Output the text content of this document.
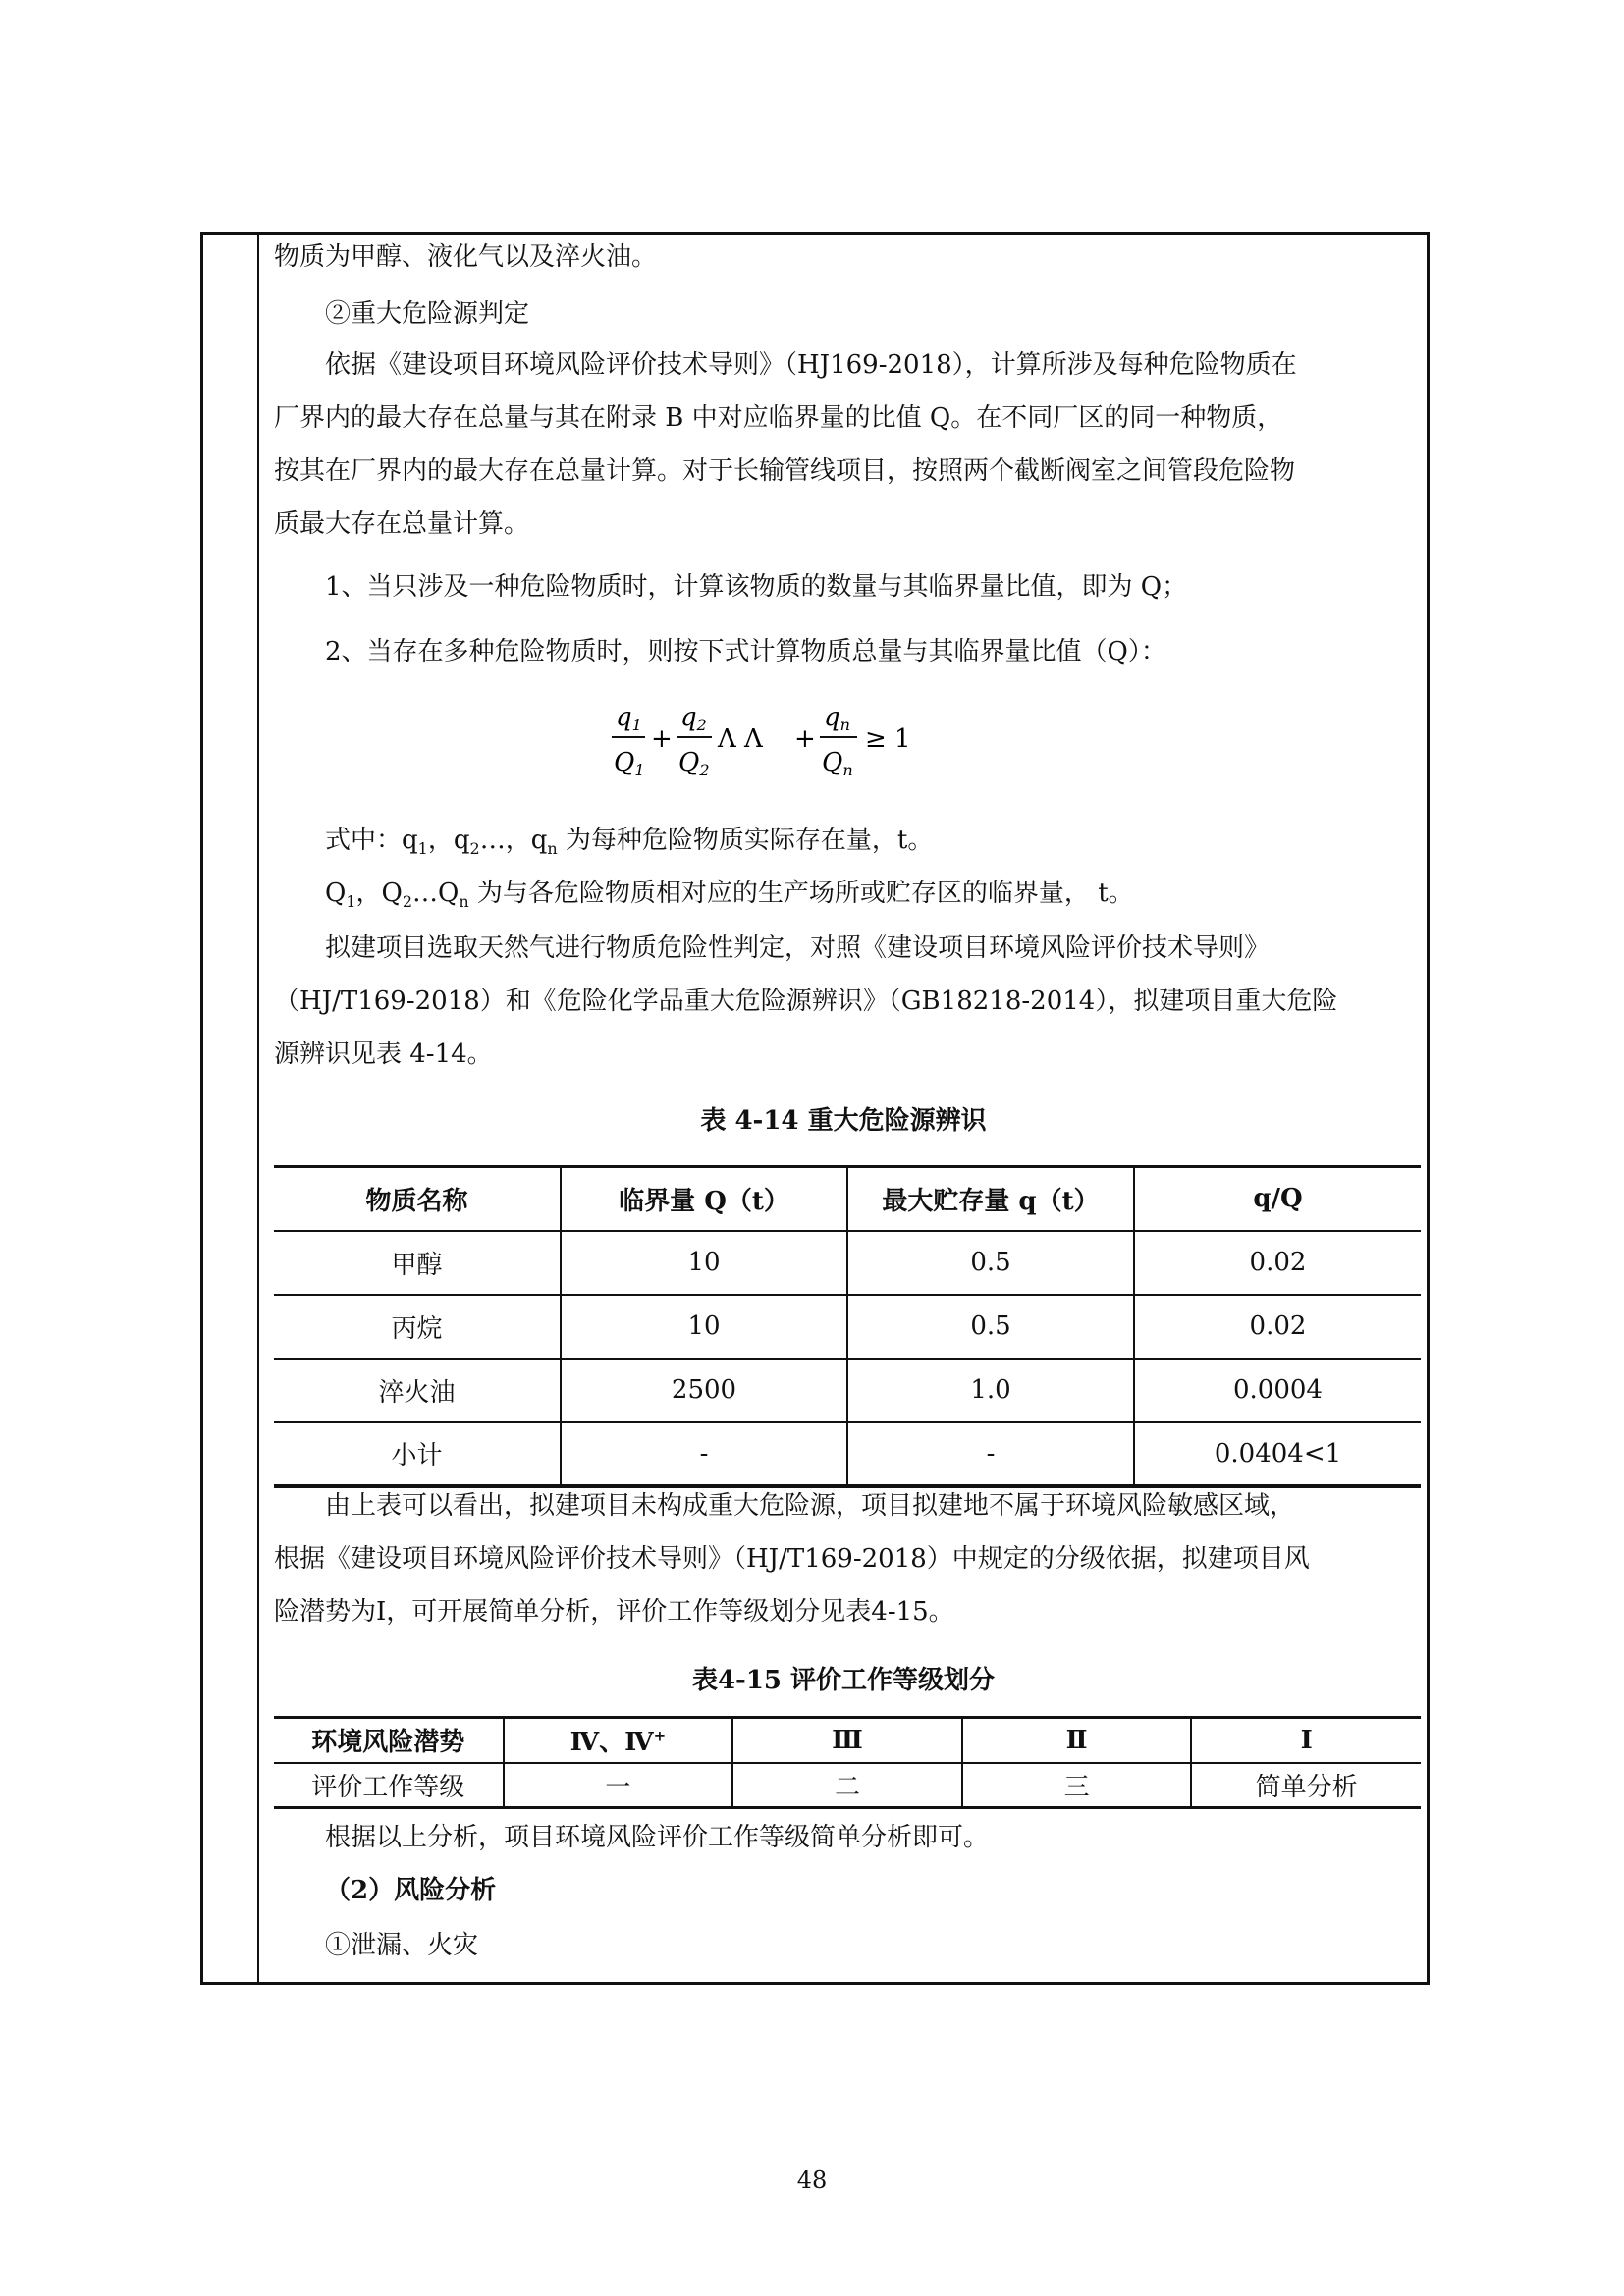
物质为甲醇、液化气以及淬火油。

②重大危险源判定

依据《建设项目环境风险评价技术导则》（HJ169-2018），计算所涉及每种危险物质在

厂界内的最大存在总量与其在附录 B 中对应临界量的比值 Q。在不同厂区的同一种物质，

按其在厂界内的最大存在总量计算。对于长输管线项目，按照两个截断阀室之间管段危险物

质最大存在总量计算。

1、当只涉及一种危险物质时，计算该物质的数量与其临界量比值，即为 Q；

2、当存在多种危险物质时，则按下式计算物质总量与其临界量比值（Q）：

q1
Q1
+
q2
Q2
Λ Λ +
qn
Qn
≥ 1

式中：$q_1$，$q_2\dots$，$q_n$ 为每种危险物质实际存在量，t。

$Q_1$，$Q_2\dots Q_n$ 为与各危险物质相对应的生产场所或贮存区的临界量， t。

拟建项目选取天然气进行物质危险性判定，对照《建设项目环境风险评价技术导则》

（HJ/T169-2018）和《危险化学品重大危险源辨识》（GB18218-2014），拟建项目重大危险

源辨识见表 4-14。

表 4-14 重大危险源辨识
物质名称	临界量 Q（t）	最大贮存量 q（t）	q/Q
甲醇	10	0.5	0.02
丙烷	10	0.5	0.02
淬火油	2500	1.0	0.0004
小计	-	-	0.0404<1

由上表可以看出，拟建项目未构成重大危险源，项目拟建地不属于环境风险敏感区域，

根据《建设项目环境风险评价技术导则》（HJ/T169-2018）中规定的分级依据，拟建项目风

险潜势为Ⅰ，可开展简单分析，评价工作等级划分见表4-15。

表4-15 评价工作等级划分
环境风险潜势	Ⅳ、Ⅳ+	Ⅲ	Ⅱ	Ⅰ
评价工作等级	一	二	三	简单分析

根据以上分析，项目环境风险评价工作等级简单分析即可。

（2）风险分析

①泄漏、火灾

48
